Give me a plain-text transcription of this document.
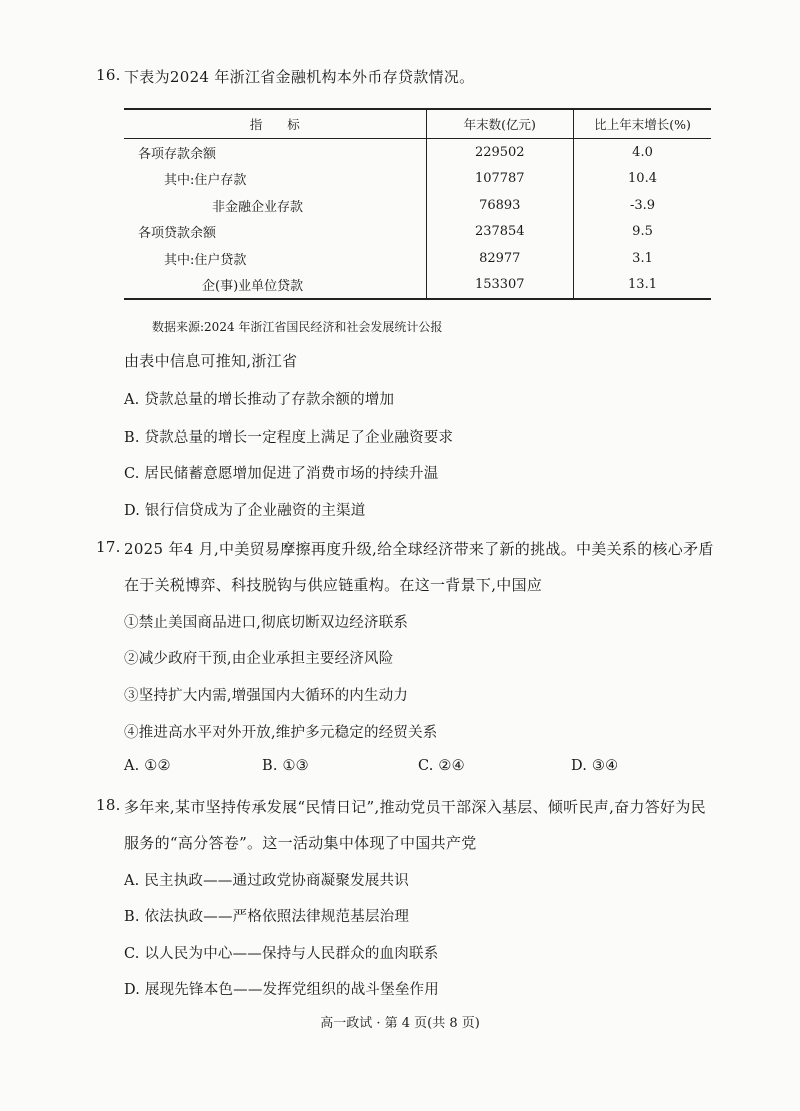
16. 下表为2024 年浙江省金融机构本外币存贷款情况。
指　　标	年末数(亿元)	比上年末增长(%)
各项存款余额	229502	4.0
其中:住户存款	107787	10.4
非金融企业存款	76893	-3.9
各项贷款余额	237854	9.5
其中:住户贷款	82977	3.1
企(事)业单位贷款	153307	13.1
数据来源:2024 年浙江省国民经济和社会发展统计公报
由表中信息可推知,浙江省
A. 贷款总量的增长推动了存款余额的增加
B. 贷款总量的增长一定程度上满足了企业融资要求
C. 居民储蓄意愿增加促进了消费市场的持续升温
D. 银行信贷成为了企业融资的主渠道
17. 2025 年4 月,中美贸易摩擦再度升级,给全球经济带来了新的挑战。中美关系的核心矛盾
在于关税博弈、科技脱钩与供应链重构。在这一背景下,中国应
①禁止美国商品进口,彻底切断双边经济联系
②减少政府干预,由企业承担主要经济风险
③坚持扩大内需,增强国内大循环的内生动力
④推进高水平对外开放,维护多元稳定的经贸关系
A. ①②	B. ①③	C. ②④	D. ③④
18. 多年来,某市坚持传承发展“民情日记”,推动党员干部深入基层、倾听民声,奋力答好为民
服务的“高分答卷”。这一活动集中体现了中国共产党
A. 民主执政——通过政党协商凝聚发展共识
B. 依法执政——严格依照法律规范基层治理
C. 以人民为中心——保持与人民群众的血肉联系
D. 展现先锋本色——发挥党组织的战斗堡垒作用
高一政试 · 第 4 页(共 8 页)
